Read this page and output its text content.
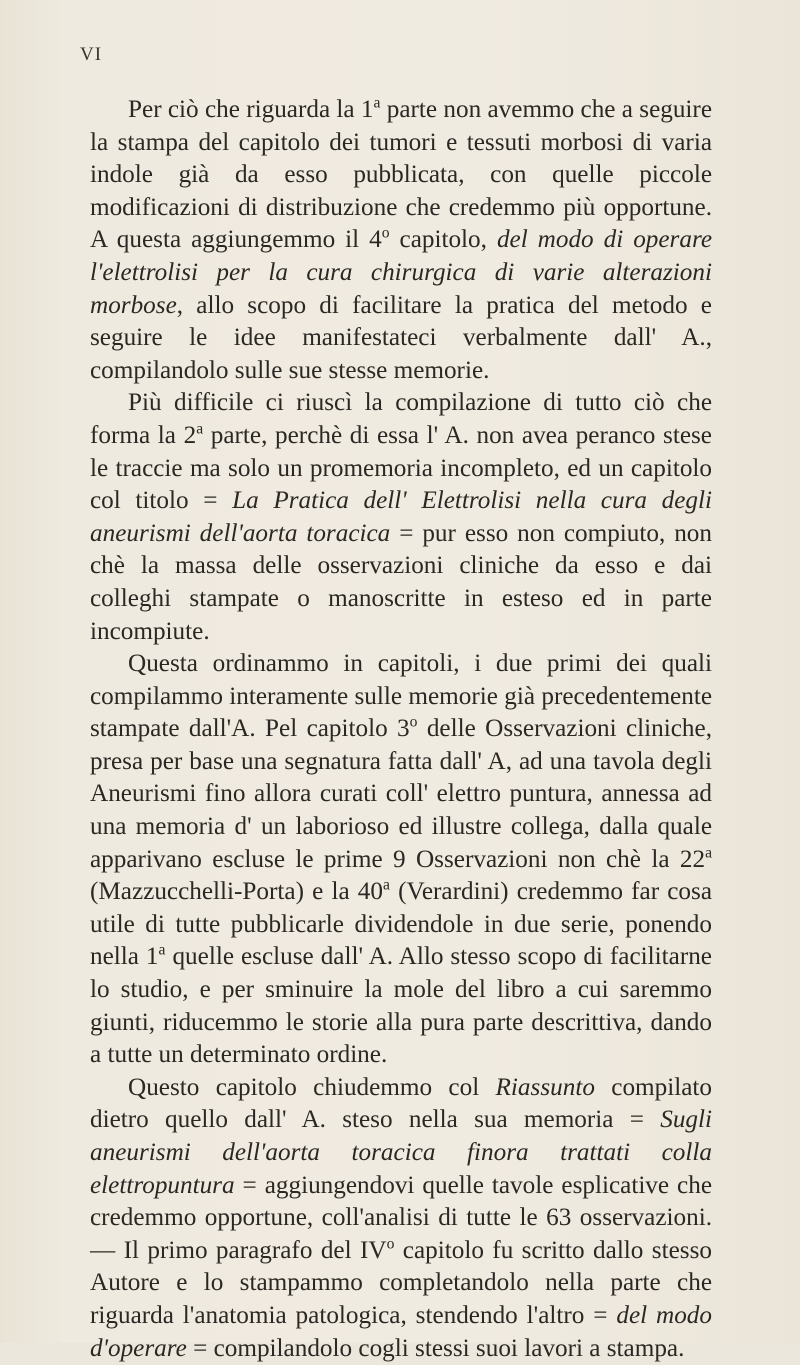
VI

Per ciò che riguarda la 1$^a$ parte non avemmo che a seguire la stampa del capitolo dei tumori e tessuti morbosi di varia indole già da esso pubblicata, con quelle piccole modificazioni di distribuzione che credemmo più opportune. A questa aggiungemmo il 4$^o$ capitolo, del modo di operare l'elettrolisi per la cura chirurgica di varie alterazioni morbose, allo scopo di facilitare la pratica del metodo e seguire le idee manifestateci verbalmente dall' A., compilandolo sulle sue stesse memorie.

Più difficile ci riuscì la compilazione di tutto ciò che forma la 2$^a$ parte, perchè di essa l' A. non avea peranco stese le traccie ma solo un promemoria incompleto, ed un capitolo col titolo = La Pratica dell' Elettrolisi nella cura degli aneurismi dell'aorta toracica = pur esso non compiuto, non chè la massa delle osservazioni cliniche da esso e dai colleghi stampate o manoscritte in esteso ed in parte incompiute.

Questa ordinammo in capitoli, i due primi dei quali compilammo interamente sulle memorie già precedentemente stampate dall'A. Pel capitolo 3$^o$ delle Osservazioni cliniche, presa per base una segnatura fatta dall' A, ad una tavola degli Aneurismi fino allora curati coll' elettro puntura, annessa ad una memoria d' un laborioso ed illustre collega, dalla quale apparivano escluse le prime 9 Osservazioni non chè la 22$^a$ (Mazzucchelli-Porta) e la 40$^a$ (Verardini) credemmo far cosa utile di tutte pubblicarle dividendole in due serie, ponendo nella 1$^a$ quelle escluse dall' A. Allo stesso scopo di facilitarne lo studio, e per sminuire la mole del libro a cui saremmo giunti, riducemmo le storie alla pura parte descrittiva, dando a tutte un determinato ordine.

Questo capitolo chiudemmo col Riassunto compilato dietro quello dall' A. steso nella sua memoria = Sugli aneurismi dell'aorta toracica finora trattati colla elettropuntura = aggiungendovi quelle tavole esplicative che credemmo opportune, coll'analisi di tutte le 63 osservazioni. — Il primo paragrafo del $IV^o$ capitolo fu scritto dallo stesso Autore e lo stampammo completandolo nella parte che riguarda l'anatomia patologica, stendendo l'altro = del modo d'operare = compilandolo cogli stessi suoi lavori a stampa.
